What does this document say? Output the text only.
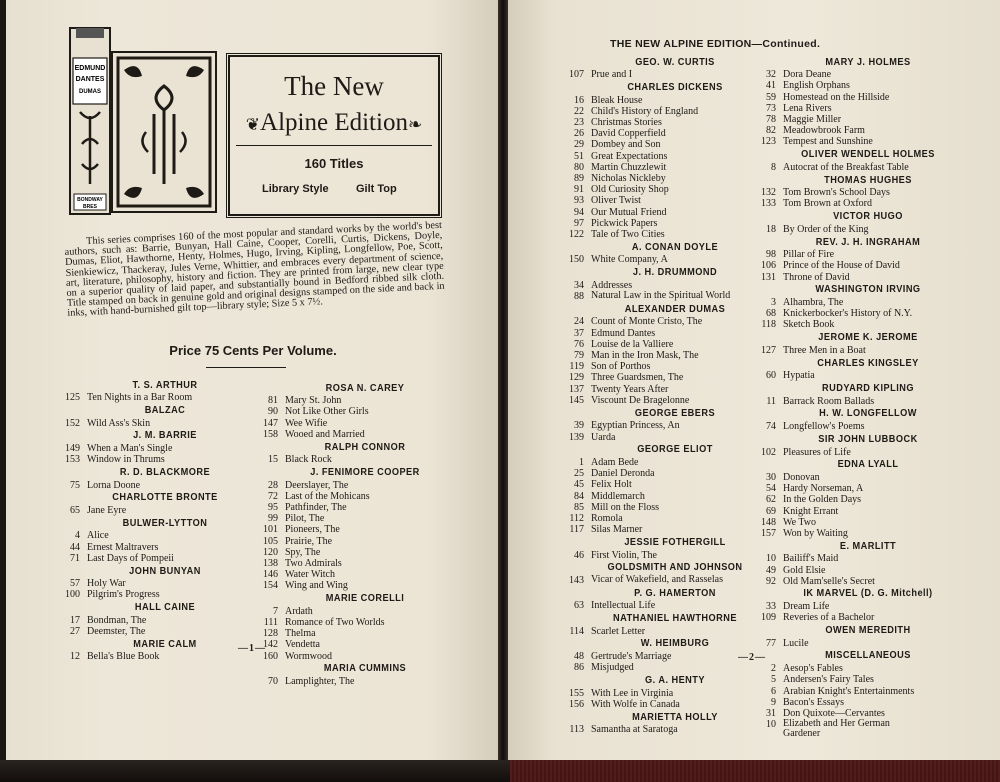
EDMUND
DANTES
DUMAS
BONDWAY
BRES
The New
❦Alpine Edition❧
160 Titles
Library Style Gilt Top
This series comprises 160 of the most popular and standard works by the world's best authors, such as: Barrie, Bunyan, Hall Caine, Cooper, Corelli, Curtis, Dickens, Doyle, Dumas, Eliot, Hawthorne, Henty, Holmes, Hugo, Irving, Kipling, Longfellow, Poe, Scott, Sienkiewicz, Thackeray, Jules Verne, Whittier, and embraces every department of science, art, literature, philosophy, history and fiction. They are printed from large, new clear type on a superior quality of laid paper, and substantially bound in Bedford ribbed silk cloth. Title stamped on back in genuine gold and original designs stamped on the side and back in inks, with hand-burnished gilt top—library style; Size 5 x 7½.
Price 75 Cents Per Volume.
T. S. ARTHUR
125 Ten Nights in a Bar Room
BALZAC
152 Wild Ass's Skin
J. M. BARRIE
149 When a Man's Single
153 Window in Thrums
R. D. BLACKMORE
75 Lorna Doone
CHARLOTTE BRONTE
65 Jane Eyre
BULWER-LYTTON
4 Alice
44 Ernest Maltravers
71 Last Days of Pompeii
JOHN BUNYAN
57 Holy War
100 Pilgrim's Progress
HALL CAINE
17 Bondman, The
27 Deemster, The
MARIE CALM
12 Bella's Blue Book
ROSA N. CAREY
81 Mary St. John
90 Not Like Other Girls
147 Wee Wifie
158 Wooed and Married
RALPH CONNOR
15 Black Rock
J. FENIMORE COOPER
28 Deerslayer, The
72 Last of the Mohicans
95 Pathfinder, The
99 Pilot, The
101 Pioneers, The
105 Prairie, The
120 Spy, The
138 Two Admirals
146 Water Witch
154 Wing and Wing
MARIE CORELLI
7 Ardath
111 Romance of Two Worlds
128 Thelma
142 Vendetta
160 Wormwood
MARIA CUMMINS
70 Lamplighter, The
—1—
THE NEW ALPINE EDITION—Continued.
GEO. W. CURTIS
107 Prue and I
CHARLES DICKENS
16 Bleak House
22 Child's History of England
23 Christmas Stories
26 David Copperfield
29 Dombey and Son
51 Great Expectations
80 Martin Chuzzlewit
89 Nicholas Nickleby
91 Old Curiosity Shop
93 Oliver Twist
94 Our Mutual Friend
97 Pickwick Papers
122 Tale of Two Cities
A. CONAN DOYLE
150 White Company, A
J. H. DRUMMOND
34 Addresses
88 Natural Law in the Spiritual World
ALEXANDER DUMAS
24 Count of Monte Cristo, The
37 Edmund Dantes
76 Louise de la Valliere
79 Man in the Iron Mask, The
119 Son of Porthos
129 Three Guardsmen, The
137 Twenty Years After
145 Viscount De Bragelonne
GEORGE EBERS
39 Egyptian Princess, An
139 Uarda
GEORGE ELIOT
1 Adam Bede
25 Daniel Deronda
45 Felix Holt
84 Middlemarch
85 Mill on the Floss
112 Romola
117 Silas Marner
JESSIE FOTHERGILL
46 First Violin, The
GOLDSMITH AND JOHNSON
143 Vicar of Wakefield, and Rasselas
P. G. HAMERTON
63 Intellectual Life
NATHANIEL HAWTHORNE
114 Scarlet Letter
W. HEIMBURG
48 Gertrude's Marriage
86 Misjudged
G. A. HENTY
155 With Lee in Virginia
156 With Wolfe in Canada
MARIETTA HOLLY
113 Samantha at Saratoga
MARY J. HOLMES
32 Dora Deane
41 English Orphans
59 Homestead on the Hillside
73 Lena Rivers
78 Maggie Miller
82 Meadowbrook Farm
123 Tempest and Sunshine
OLIVER WENDELL HOLMES
8 Autocrat of the Breakfast Table
THOMAS HUGHES
132 Tom Brown's School Days
133 Tom Brown at Oxford
VICTOR HUGO
18 By Order of the King
REV. J. H. INGRAHAM
98 Pillar of Fire
106 Prince of the House of David
131 Throne of David
WASHINGTON IRVING
3 Alhambra, The
68 Knickerbocker's History of N.Y.
118 Sketch Book
JEROME K. JEROME
127 Three Men in a Boat
CHARLES KINGSLEY
60 Hypatia
RUDYARD KIPLING
11 Barrack Room Ballads
H. W. LONGFELLOW
74 Longfellow's Poems
SIR JOHN LUBBOCK
102 Pleasures of Life
EDNA LYALL
30 Donovan
54 Hardy Norseman, A
62 In the Golden Days
69 Knight Errant
148 We Two
157 Won by Waiting
E. MARLITT
10 Bailiff's Maid
49 Gold Elsie
92 Old Mam'selle's Secret
IK MARVEL (D. G. Mitchell)
33 Dream Life
109 Reveries of a Bachelor
OWEN MEREDITH
77 Lucile
MISCELLANEOUS
2 Aesop's Fables
5 Andersen's Fairy Tales
6 Arabian Knight's Entertainments
9 Bacon's Essays
31 Don Quixote—Cervantes
10 Elizabeth and Her German Gardener
—2—
